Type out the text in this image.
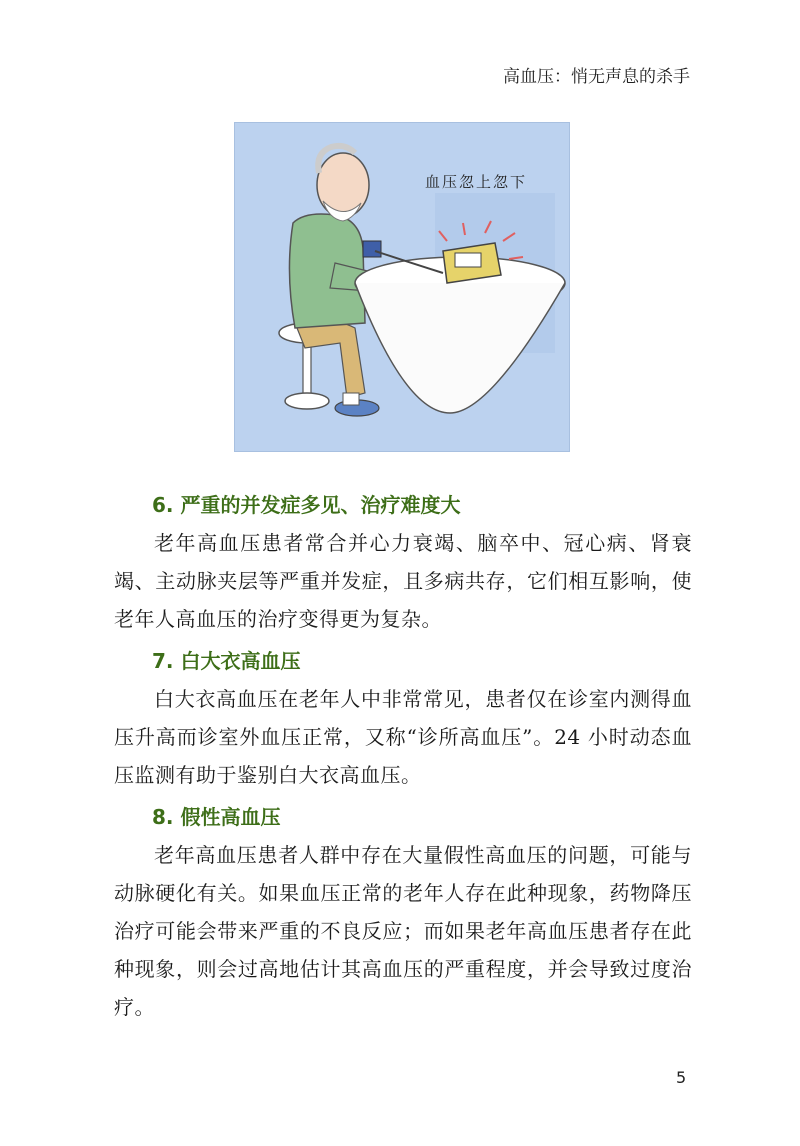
高血压：悄无声息的杀手
血压忽上忽下
6. 严重的并发症多见、治疗难度大

老年高血压患者常合并心力衰竭、脑卒中、冠心病、肾衰竭、主动脉夹层等严重并发症，且多病共存，它们相互影响，使老年人高血压的治疗变得更为复杂。

7. 白大衣高血压

白大衣高血压在老年人中非常常见，患者仅在诊室内测得血压升高而诊室外血压正常，又称“诊所高血压”。24 小时动态血压监测有助于鉴别白大衣高血压。

8. 假性高血压

老年高血压患者人群中存在大量假性高血压的问题，可能与动脉硬化有关。如果血压正常的老年人存在此种现象，药物降压治疗可能会带来严重的不良反应；而如果老年高血压患者存在此种现象，则会过高地估计其高血压的严重程度，并会导致过度治疗。

5
